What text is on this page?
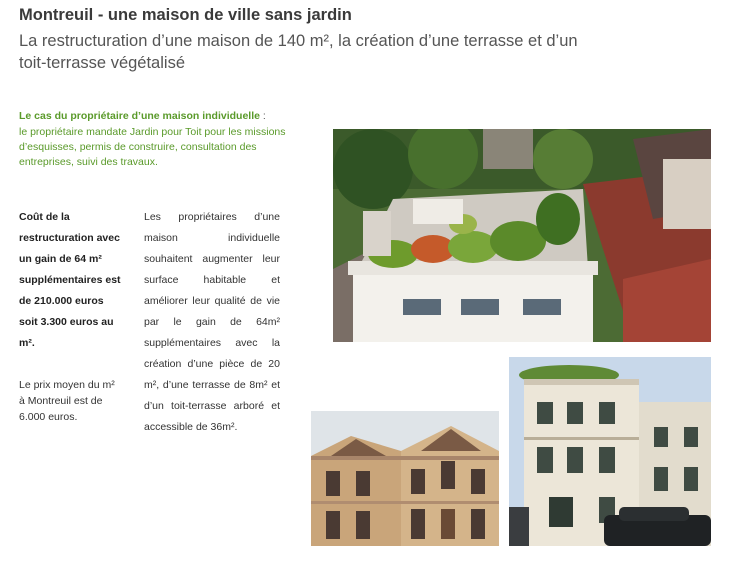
Montreuil - une maison de ville sans jardin
La restructuration d’une maison de 140 m², la création d’une terrasse et d’un toit-terrasse végétalisé
Le cas du propriétaire d’une maison individuelle :
le propriétaire mandate Jardin pour Toit pour les missions d’esquisses, permis de construire, consultation des entreprises, suivi des travaux.
Coût de la restructuration avec un gain de 64 m² supplémentaires est de 210.000 euros soit 3.300 euros au m².
Le prix moyen du m² à Montreuil est de 6.000 euros.
Les propriétaires d’une maison individuelle souhaitent augmenter leur surface habitable et améliorer leur qualité de vie par le gain de 64m² supplémentaires avec la création d’une pièce de 20 m², d’une terrasse de 8m² et d’un toit-terrasse arboré et accessible de 36m².
